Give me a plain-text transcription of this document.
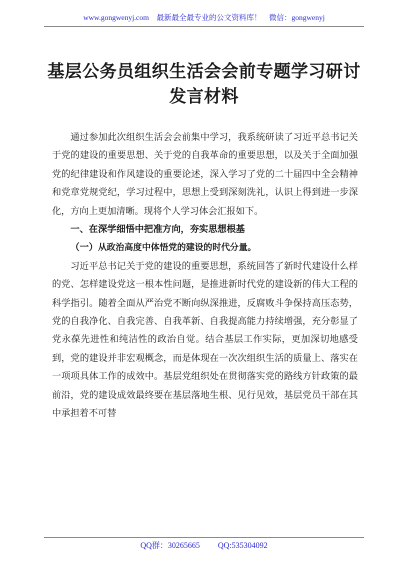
www.gongwenyj.com　最新最全最专业的公文资料库！　微信：gongwenyj
基层公务员组织生活会会前专题学习研讨
发言材料

通过参加此次组织生活会会前集中学习，我系统研读了习近平总书记关于党的建设的重要思想、关于党的自我革命的重要思想，以及关于全面加强党的纪律建设和作风建设的重要论述，深入学习了党的二十届四中全会精神和党章党规党纪，学习过程中，思想上受到深刻洗礼，认识上得到进一步深化，方向上更加清晰。现将个人学习体会汇报如下。

一、在深学细悟中把准方向，夯实思想根基

（一）从政治高度中体悟党的建设的时代分量。

习近平总书记关于党的建设的重要思想，系统回答了新时代建设什么样的党、怎样建设党这一根本性问题，是推进新时代党的建设新的伟大工程的科学指引。随着全面从严治党不断向纵深推进，反腐败斗争保持高压态势，党的自我净化、自我完善、自我革新、自我提高能力持续增强，充分彰显了党永葆先进性和纯洁性的政治自觉。结合基层工作实际，更加深切地感受到，党的建设并非宏观概念，而是体现在一次次组织生活的质量上、落实在一项项具体工作的成效中。基层党组织处在贯彻落实党的路线方针政策的最前沿，党的建设成效最终要在基层落地生根、见行见效，基层党员干部在其中承担着不可替

QQ群：30265665 QQ:535304092
